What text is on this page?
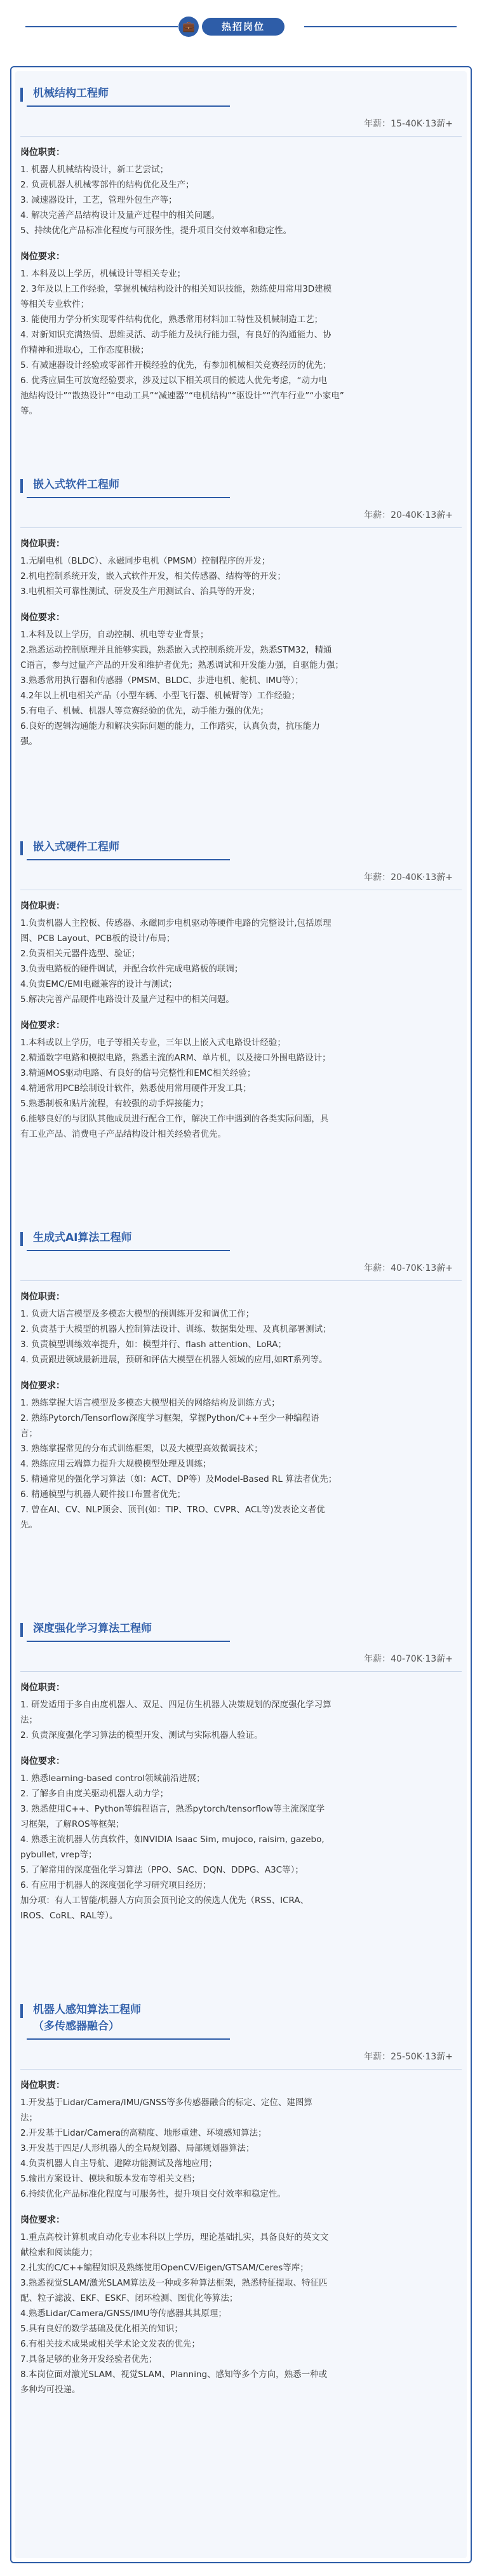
💼	热招岗位
机械结构工程师
年薪：15-40K·13薪+
岗位职责：
1. 机器人机械结构设计，新工艺尝试；
2. 负责机器人机械零部件的结构优化及生产；
3. 减速器设计，工艺，管理外包生产等；
4. 解决完善产品结构设计及量产过程中的相关问题。
5、持续优化产品标准化程度与可服务性，提升项目交付效率和稳定性。
岗位要求：
1. 本科及以上学历，机械设计等相关专业；
2. 3年及以上工作经验，掌握机械结构设计的相关知识技能，熟练使用常用3D建模
等相关专业软件；
3. 能使用力学分析实现零件结构优化，熟悉常用材料加工特性及机械制造工艺；
4. 对新知识充满热情、思维灵活、动手能力及执行能力强，有良好的沟通能力、协
作精神和进取心，工作态度积极；
5. 有减速器设计经验或零部件开模经验的优先，有参加机械相关竞赛经历的优先；
6. 优秀应届生可放宽经验要求，涉及过以下相关项目的候选人优先考虑，“动力电
池结构设计”“散热设计”“电动工具”“减速器”“电机结构”“驱设计”“汽车行业”“小家电”
等。
嵌入式软件工程师
年薪：20-40K·13薪+
岗位职责：
1.无刷电机（BLDC）、永磁同步电机（PMSM）控制程序的开发；
2.机电控制系统开发，嵌入式软件开发，相关传感器、结构等的开发；
3.电机相关可靠性测试、研发及生产用测试台、治具等的开发；
岗位要求：
1.本科及以上学历，自动控制、机电等专业背景；
2.熟悉运动控制原理并且能够实践，熟悉嵌入式控制系统开发，熟悉STM32，精通
C语言，参与过量产产品的开发和维护者优先；熟悉调试和开发能力强，自驱能力强；
3.熟悉常用执行器和传感器（PMSM、BLDC、步进电机、舵机、IMU等）；
4.2年以上机电相关产品（小型车辆、小型飞行器、机械臂等）工作经验；
5.有电子、机械、机器人等竞赛经验的优先，动手能力强的优先；
6.良好的逻辑沟通能力和解决实际问题的能力，工作踏实，认真负责，抗压能力
强。
嵌入式硬件工程师
年薪：20-40K·13薪+
岗位职责：
1.负责机器人主控板、传感器、永磁同步电机驱动等硬件电路的完整设计,包括原理
图、PCB Layout、PCB板的设计/布局；
2.负责相关元器件选型、验证；
3.负责电路板的硬件调试，并配合软件完成电路板的联调；
4.负责EMC/EMI电磁兼容的设计与测试；
5.解决完善产品硬件电路设计及量产过程中的相关问题。
岗位要求：
1.本科或以上学历，电子等相关专业，三年以上嵌入式电路设计经验；
2.精通数字电路和模拟电路，熟悉主流的ARM、单片机，以及接口外围电路设计；
3.精通MOS驱动电路、有良好的信号完整性和EMC相关经验；
4.精通常用PCB绘制设计软件，熟悉使用常用硬件开发工具；
5.熟悉制板和贴片流程，有较强的动手焊接能力；
6.能够良好的与团队其他成员进行配合工作，解决工作中遇到的各类实际问题，具
有工业产品、消费电子产品结构设计相关经验者优先。
生成式AI算法工程师
年薪：40-70K·13薪+
岗位职责：
1. 负责大语言模型及多模态大模型的预训练开发和调优工作；
2. 负责基于大模型的机器人控制算法设计、训练、数据集处理、及真机部署测试；
3. 负责模型训练效率提升，如：模型并行、flash attention、LoRA；
4. 负责跟进领域最新进展，预研和评估大模型在机器人领域的应用,如RT系列等。
岗位要求：
1. 熟练掌握大语言模型及多模态大模型相关的网络结构及训练方式；
2. 熟练Pytorch/Tensorflow深度学习框架，掌握Python/C++至少一种编程语
言；
3. 熟练掌握常见的分布式训练框架，以及大模型高效微调技术；
4. 熟练应用云端算力提升大规模模型处理及训练；
5. 精通常见的强化学习算法（如：ACT、DP等）及Model-Based RL 算法者优先；
6. 精通模型与机器人硬件接口布置者优先；
7. 曾在AI、CV、NLP顶会、顶刊(如：TIP、TRO、CVPR、ACL等)发表论文者优
先。
深度强化学习算法工程师
年薪：40-70K·13薪+
岗位职责：
1. 研发适用于多自由度机器人、双足、四足仿生机器人决策规划的深度强化学习算
法；
2. 负责深度强化学习算法的模型开发、测试与实际机器人验证。
岗位要求：
1. 熟悉learning-based control领域前沿进展；
2. 了解多自由度关驱动机器人动力学；
3. 熟悉使用C++、Python等编程语言，熟悉pytorch/tensorflow等主流深度学
习框架，了解ROS等框架；
4. 熟悉主流机器人仿真软件，如NVIDIA Isaac Sim, mujoco, raisim, gazebo,
pybullet, vrep等；
5. 了解常用的深度强化学习算法（PPO、SAC、DQN、DDPG、A3C等）；
6. 有应用于机器人的深度强化学习研究项目经历；
加分项：有人工智能/机器人方向顶会顶刊论文的候选人优先（RSS、ICRA、
IROS、CoRL、RAL等）。
机器人感知算法工程师
（多传感器融合）
年薪：25-50K·13薪+
岗位职责：
1.开发基于Lidar/Camera/IMU/GNSS等多传感器融合的标定、定位、建图算
法；
2.开发基于Lidar/Camera的高精度、地形重建、环境感知算法；
3.开发基于四足/人形机器人的全局规划器、局部规划器算法；
4.负责机器人自主导航、避障功能测试及落地应用；
5.输出方案设计、模块和版本发布等相关文档；
6.持续优化产品标准化程度与可服务性，提升项目交付效率和稳定性。
岗位要求：
1.重点高校计算机或自动化专业本科以上学历，理论基础扎实，具备良好的英文文
献检索和阅读能力；
2.扎实的C/C++编程知识及熟练使用OpenCV/Eigen/GTSAM/Ceres等库；
3.熟悉视觉SLAM/激光SLAM算法及一种或多种算法框架，熟悉特征提取、特征匹
配、粒子滤波、EKF、ESKF、闭环检测、图优化等算法；
4.熟悉Lidar/Camera/GNSS/IMU等传感器其其原理；
5.具有良好的数学基础及优化相关的知识；
6.有相关技术成果或相关学术论文发表的优先；
7.具备足够的业务开发经验者优先；
8.本岗位面对激光SLAM、视觉SLAM、Planning、感知等多个方向，熟悉一种或
多种均可投递。
